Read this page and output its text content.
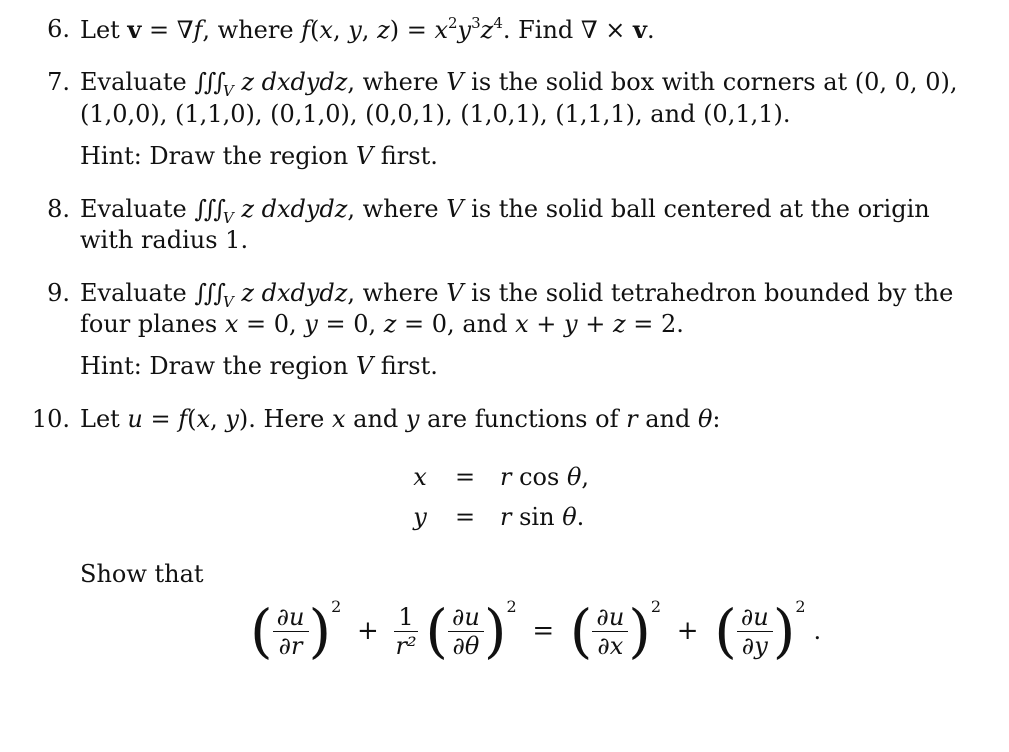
6. Let v = ∇f, where f(x, y, $z) = x^2y^3z^4$. Find ∇ × v.
7. Evaluate $\int\int\int_V$ z dxdydz, where V is the solid box with corners at (0, 0, 0),
(1,0,0), (1,1,0), (0,1,0), (0,0,1), (1,0,1), (1,1,1), and (0,1,1).
Hint: Draw the region V first.
8. Evaluate $\int\int\int_V$ z dxdydz, where V is the solid ball centered at the origin
with radius 1.
9. Evaluate $\int\int\int_V$ z dxdydz, where V is the solid tetrahedron bounded by the
four planes x = 0, y = 0, z = 0, and x + y + z = 2.
Hint: Draw the region V first.
10. Let u = f(x, y). Here x and y are functions of r and θ:
x	= r cos θ,
y	= r sin θ.
Show that
( $\frac{\partial u}{\partial r} )^2 + \frac{1}{\text{r²}}$ ( $\frac{\partial u}{\partial\theta} )^2$ = ( $\frac{\partial u}{\partial x} )^2$ + ( $\frac{\partial u}{\partial y} )^2$.
